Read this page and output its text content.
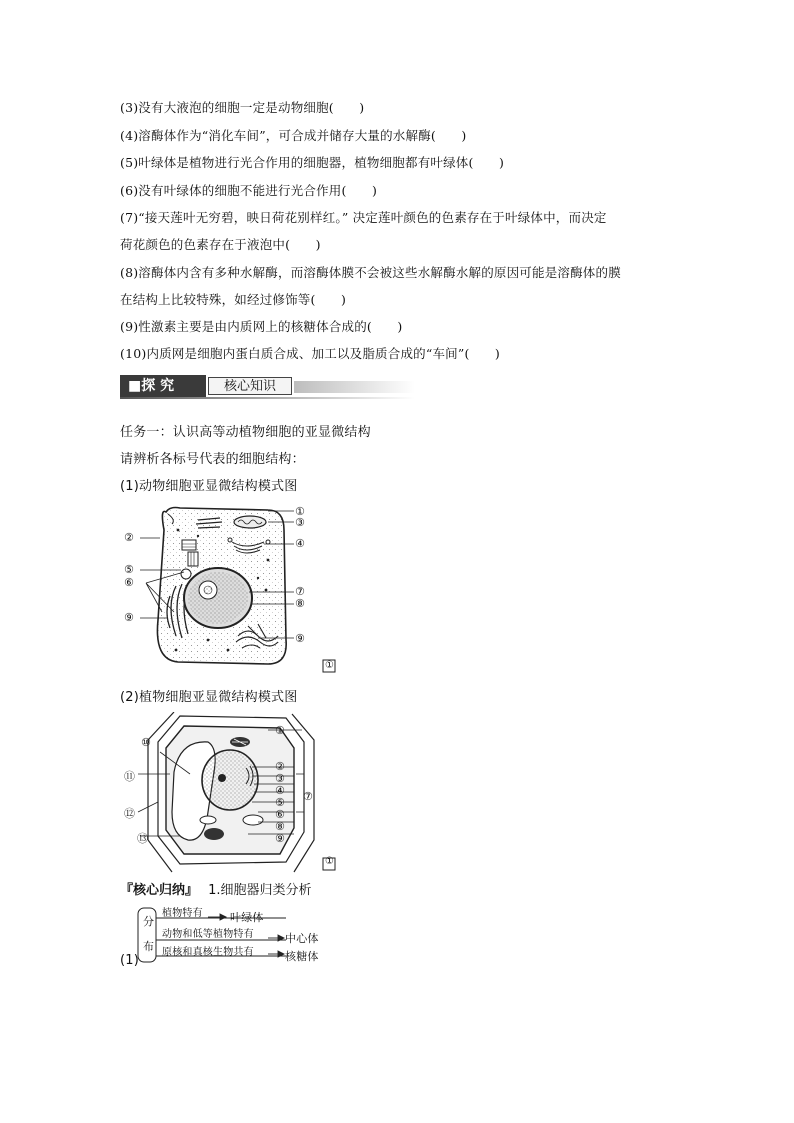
(3)没有大液泡的细胞一定是动物细胞(　　)
(4)溶酶体作为“消化车间”，可合成并储存大量的水解酶(　　)
(5)叶绿体是植物进行光合作用的细胞器，植物细胞都有叶绿体(　　)
(6)没有叶绿体的细胞不能进行光合作用(　　)
(7)“接天莲叶无穷碧，映日荷花别样红。” 决定莲叶颜色的色素存在于叶绿体中，而决定
荷花颜色的色素存在于液泡中(　　)
(8)溶酶体内含有多种水解酶，而溶酶体膜不会被这些水解酶水解的原因可能是溶酶体的膜
在结构上比较特殊，如经过修饰等(　　)
(9)性激素主要是由内质网上的核糖体合成的(　　)
(10)内质网是细胞内蛋白质合成、加工以及脂质合成的“车间”(　　)
■探 究	核心知识
任务一：认识高等动植物细胞的亚显微结构
请辨析各标号代表的细胞结构：
(1)动物细胞亚显微结构模式图
①
③
④
⑦
⑧
⑨
②
⑤
⑥
⑨
①
(2)植物细胞亚显微结构模式图
①
②
③
④
⑤
⑥
⑦
⑧
⑨
⑩
⑪
⑫
⑬
①
『核心归纳』 1.细胞器归类分析
(1)
分
布
植物特有 叶绿体
动物和低等植物特有	中心体
原核和真核生物共有	核糖体
